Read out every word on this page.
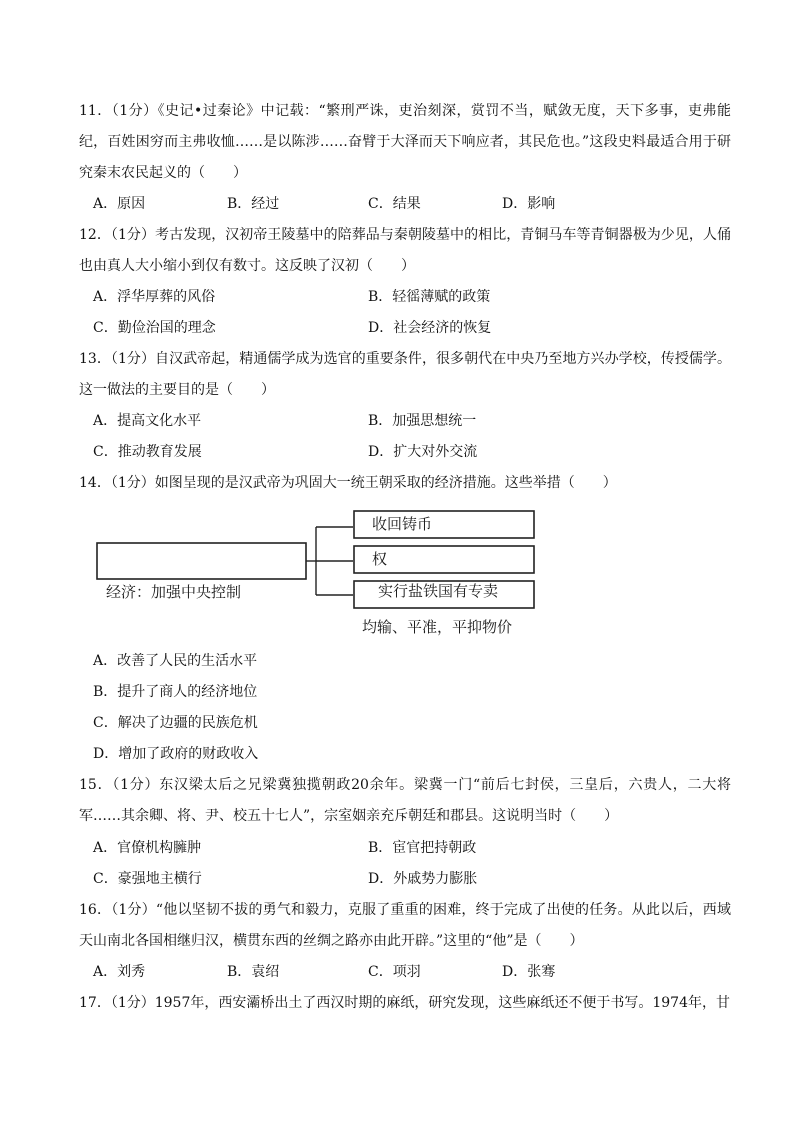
11．（1分）《史记•过秦论》中记载：“繁刑严诛，吏治刻深，赏罚不当，赋敛无度，天下多事，吏弗能纪，百姓困穷而主弗收恤……是以陈涉……奋臂于大泽而天下响应者，其民危也。”这段史料最适合用于研究秦末农民起义的（　　）
A．原因	B．经过	C．结果	D．影响
12．（1分）考古发现，汉初帝王陵墓中的陪葬品与秦朝陵墓中的相比，青铜马车等青铜器极为少见，人俑也由真人大小缩小到仅有数寸。这反映了汉初（　　）
A．浮华厚葬的风俗	B．轻徭薄赋的政策
C．勤俭治国的理念	D．社会经济的恢复
13．（1分）自汉武帝起，精通儒学成为选官的重要条件，很多朝代在中央乃至地方兴办学校，传授儒学。这一做法的主要目的是（　　）
A．提高文化水平	B．加强思想统一
C．推动教育发展	D．扩大对外交流
14．（1分）如图呈现的是汉武帝为巩固大一统王朝采取的经济措施。这些举措（　　）
经济：加强中央控制
收回铸币
权
实行盐铁国有专卖
均输、平准，平抑物价
A．改善了人民的生活水平
B．提升了商人的经济地位
C．解决了边疆的民族危机
D．增加了政府的财政收入
15．（1分）东汉梁太后之兄梁冀独揽朝政20余年。梁冀一门“前后七封侯，三皇后，六贵人，二大将军……其余卿、将、尹、校五十七人”，宗室姻亲充斥朝廷和郡县。这说明当时（　　）
A．官僚机构臃肿	B．宦官把持朝政
C．豪强地主横行	D．外戚势力膨胀
16．（1分）“他以坚韧不拔的勇气和毅力，克服了重重的困难，终于完成了出使的任务。从此以后，西域天山南北各国相继归汉，横贯东西的丝绸之路亦由此开辟。”这里的“他”是（　　）
A．刘秀	B．袁绍	C．项羽	D．张骞
17．（1分）1957年，西安灞桥出土了西汉时期的麻纸，研究发现，这些麻纸还不便于书写。1974年，甘
